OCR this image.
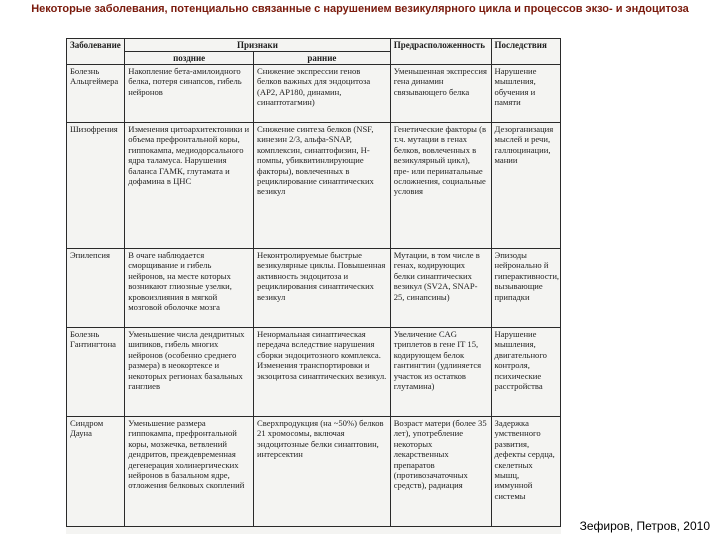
Некоторые заболевания, потенциально связанные с нарушением везикулярного цикла и процессов экзо- и эндоцитоза
Заболевание	Признаки		Предрасположенность	Последствия
	поздние	ранние		
Болезнь Альцгеймера	Накопление бета-амилоидного белка, потеря синапсов, гибель нейронов	Снижение экспрессии генов белков важных для эндоцитоза (AP2, AP180, динамин, синаптотагмин)	Уменьшенная экспрессия гена динамин связывающего белка	Нарушение мышления, обучения и памяти
Шизофрения	Изменения цитоархитектоники и объема префронтальной коры, гиппокампа, медиодорсального ядра таламуса. Нарушения баланса ГАМК, глутамата и дофамина в ЦНС	Снижение синтеза белков (NSF, кинезин 2/3, альфа-SNAP, комплексин, синаптофизин, Н-помпы, убиквитинлирующие факторы), вовлеченных в рециклирование синаптических везикул	Генетические факторы (в т.ч. мутации в генах белков, вовлеченных в везикулярный цикл), пре- или перинатальные осложнения, социальные условия	Дезорганизация мыслей и речи, галлюцинации, мании
Эпилепсия	В очаге наблюдается сморщивание и гибель нейронов, на месте которых возникают глиозные узелки, кровоизлияния в мягкой мозговой оболочке мозга	Неконтролируемые быстрые везикулярные циклы. Повышенная активность эндоцитоза и рециклирования синаптических везикул	Мутации, в том числе в генах, кодирующих белки синаптических везикул (SV2A, SNAP-25, синапсины)	Эпизоды нейронально й гиперактивности, вызывающие припадки
Болезнь Гантингтона	Уменьшение числа дендритных шипиков, гибель многих нейронов (особенно среднего размера) в неокортексе и некоторых регионах базальных ганглиев	Ненормальная синаптическая передача вследствие нарушения сборки эндоцитозного комплекса. Изменения транспортировки и экзоцитоза синаптических везикул.	Увеличение CAG триплетов в гене IT 15, кодирующем белок гантингтин (удлиняется участок из остатков глутамина)	Нарушение мышления, двигательного контроля, психические расстройства
Синдром Дауна	Уменьшение размера гиппокампа, префронтальной коры, мозжечка, ветвлений дендритов, преждевременная дегенерация холинергических нейронов в базальном ядре, отложения белковых скоплений	Сверхпродукция (на ~50%) белков 21 хромосомы, включая эндоцитозные белки синаптовин, интерсектин	Возраст матери (более 35 лет), употребление некоторых лекарственных препаратов (противозачаточных средств), радиация	Задержка умственного развития, дефекты сердца, скелетных мышц, иммунной системы
Зефиров, Петров, 2010
